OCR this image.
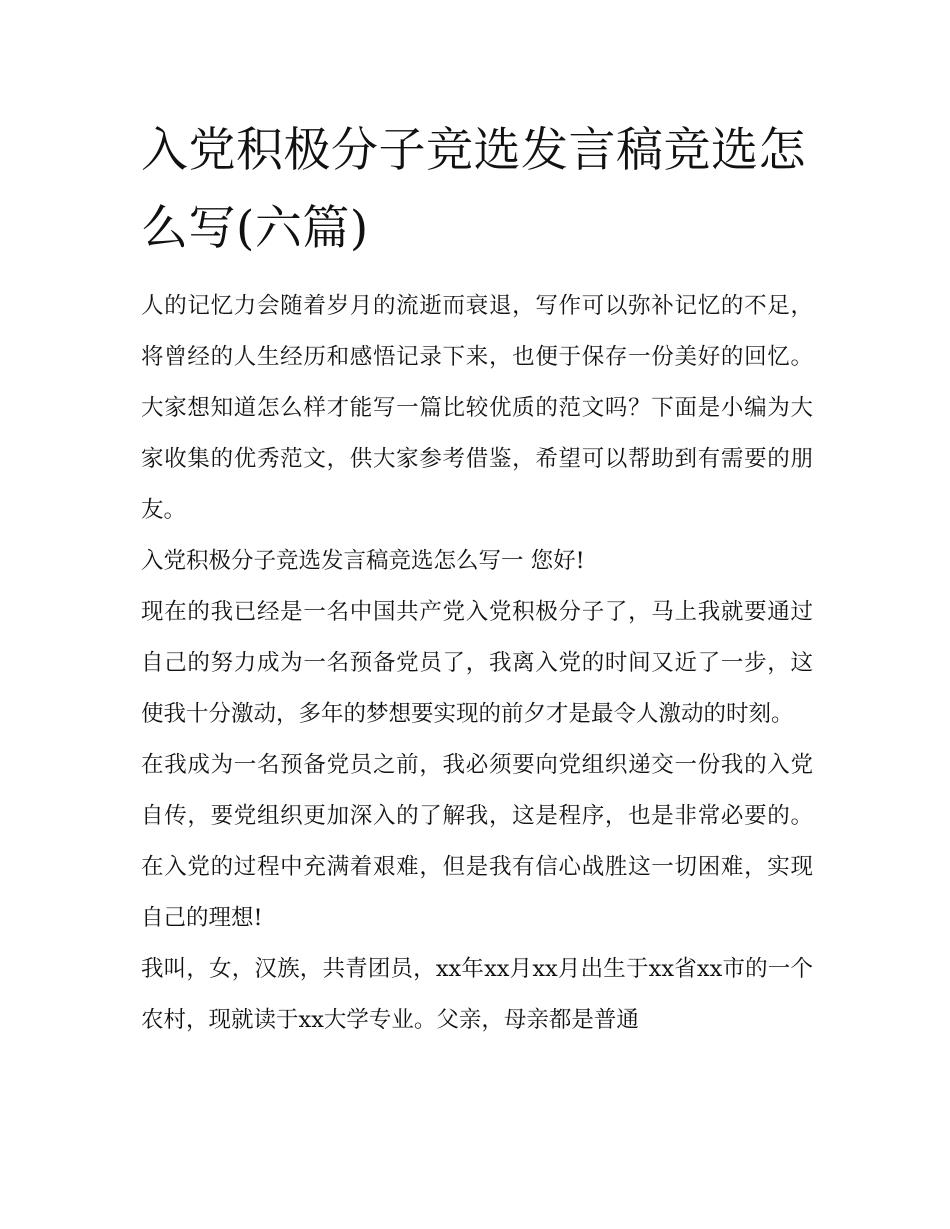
入党积极分子竞选发言稿竞选怎么写(六篇)

人的记忆力会随着岁月的流逝而衰退，写作可以弥补记忆的不足，将曾经的人生经历和感悟记录下来，也便于保存一份美好的回忆。大家想知道怎么样才能写一篇比较优质的范文吗？下面是小编为大家收集的优秀范文，供大家参考借鉴，希望可以帮助到有需要的朋友。

入党积极分子竞选发言稿竞选怎么写一 您好!

现在的我已经是一名中国共产党入党积极分子了，马上我就要通过自己的努力成为一名预备党员了，我离入党的时间又近了一步，这使我十分激动，多年的梦想要实现的前夕才是最令人激动的时刻。

在我成为一名预备党员之前，我必须要向党组织递交一份我的入党自传，要党组织更加深入的了解我，这是程序，也是非常必要的。在入党的过程中充满着艰难，但是我有信心战胜这一切困难，实现自己的理想!

我叫，女，汉族，共青团员，xx年xx月xx月出生于xx省xx市的一个农村，现就读于xx大学专业。父亲，母亲都是普通
